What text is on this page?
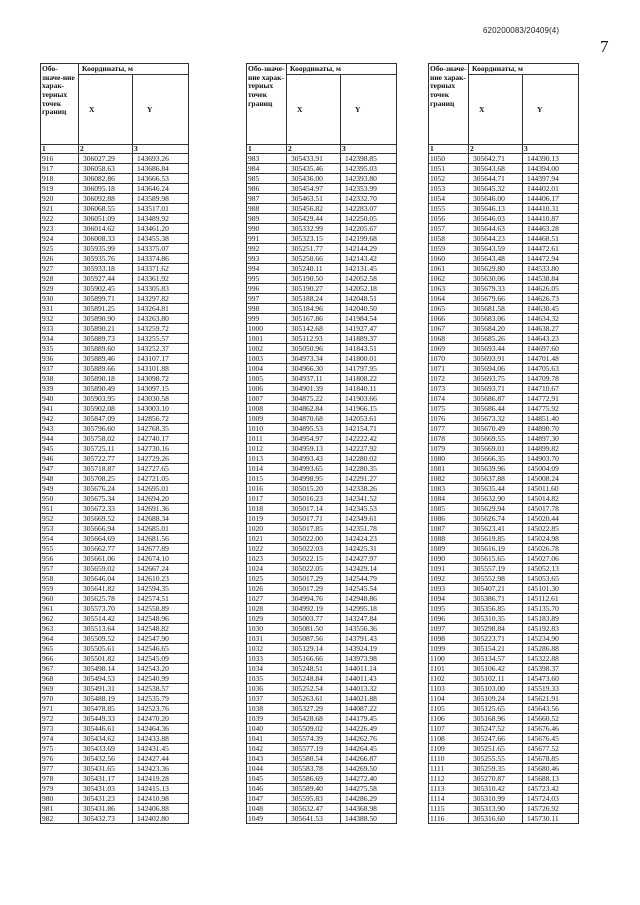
620200083/20409(4)
7
Обо-значе-ние харак-терных точек границ	Координаты, м	
	X	Y
1	2	3
916	306027.29	143693.26
917	306058.63	143686.84
918	306082.86	143666.53
919	306095.18	143646.24
920	306092.88	143589.98
921	306068.55	143517.01
922	306051.09	143489.92
923	306014.62	143461.20
924	306008.33	143455.38
925	305935.99	143375.07
926	305935.76	143374.86
927	305933.18	143371.62
928	305927.44	143361.92
929	305902.45	143305.83
930	305899.71	143297.82
931	305891.25	143264.81
932	305890.90	143263.80
933	305890.21	143259.72
934	305889.73	143255.57
935	305889.60	143252.37
936	305889.46	143107.17
937	305889.66	143101.88
938	305890.18	143098.72
939	305890.49	143097.15
940	305903.95	143030.58
941	305902.08	143003.10
942	305847.09	142856.72
943	305796.60	142768.35
944	305758.02	142740.17
945	305725.11	142730.16
946	305722.77	142729.26
947	305718.87	142727.65
948	305708.25	142721.05
949	305676.24	142695.01
950	305675.34	142694.20
951	305672.33	142691.36
952	305669.52	142688.34
953	305666.94	142685.01
954	305664.69	142681.56
955	305662.77	142677.89
956	305661.06	142674.10
957	305659.02	142667.24
958	305646.04	142610.23
959	305641.82	142594.35
960	305625.78	142574.51
961	305573.70	142558.89
962	305514.42	142548.96
963	305513.64	142548.82
964	305509.52	142547.90
965	305505.61	142546.65
966	305501.82	142545.09
967	305498.14	142543.20
968	305494.53	142540.99
969	305491.31	142538.57
970	305488.19	142535.79
971	305478.85	142523.76
972	305449.33	142470.20
973	305446.61	142464.36
974	305434.62	142433.88
975	305433.69	142431.45
976	305432.56	142427.44
977	305431.65	142423.36
978	305431.17	142419.28
979	305431.03	142415.13
980	305431.23	142410.98
981	305431.86	142406.88
982	305432.73	142402.80
Обо-значе-ние харак-терных точек границ	Координаты, м	
	X	Y
1	2	3
983	305433.91	142398.85
984	305435.46	142395.03
985	305436.00	142393.80
986	305454.97	142353.99
987	305463.51	142332.70
988	305456.82	142283.07
989	305429.44	142250.05
990	305332.99	142205.67
991	305323.15	142199.68
992	305251.77	142144.29
993	305250.66	142143.42
994	305240.11	142131.45
995	305190.50	142052.58
996	305190.27	142052.18
997	305188.24	142048.51
998	305184.96	142040.50
999	305167.86	141984.54
1000	305142.68	141927.47
1001	305112.93	141889.37
1002	305050.96	141843.51
1003	304973.34	141800.01
1004	304966.30	141797.95
1005	304937.11	141808.22
1006	304901.39	141840.11
1007	304875.22	141903.66
1008	304862.84	141966.15
1009	304870.68	142053.61
1010	304895.53	142154.71
1011	304954.97	142222.42
1012	304959.13	142227.92
1013	304993.43	142280.02
1014	304993.65	142280.35
1015	304998.95	142291.27
1016	305015.20	142338.26
1017	305016.23	142341.52
1018	305017.14	142345.53
1019	305017.71	142349.61
1020	305017.85	142351.78
1021	305022.00	142424.23
1022	305022.03	142425.31
1023	305022.15	142427.97
1024	305022.05	142429.14
1025	305017.29	142544.79
1026	305017.29	142545.54
1027	304994.76	142948.86
1028	304992.19	142995.18
1029	305003.77	143247.84
1030	305081.50	143556.36
1031	305087.56	143791.43
1032	305129.14	143924.19
1033	305166.66	143973.98
1034	305248.51	144011.14
1035	305248.84	144011.43
1036	305252.54	144013.32
1037	305263.61	144021.88
1038	305327.29	144087.22
1039	305428.68	144179.45
1040	305509.02	144226.49
1041	305574.39	144262.76
1042	305577.19	144264.45
1043	305580.54	144266.87
1044	305583.78	144269.50
1045	305586.69	144272.40
1046	305589.40	144275.58
1047	305595.83	144286.29
1048	305632.47	144368.98
1049	305641.53	144388.50
Обо-значе-ние харак-терных точек границ	Координаты, м	
	X	Y
1	2	3
1050	305642.71	144390.13
1051	305643.68	144394.00
1052	305644.71	144397.94
1053	305645.32	144402.01
1054	305646.00	144406.17
1055	305646.13	144410.31
1056	305646.03	144410.87
1057	305644.63	144463.28
1058	305644.23	144468.51
1059	305643.59	144472.61
1060	305643.48	144472.94
1061	305629.80	144533.80
1062	305630.06	144538.84
1063	305679.33	144626.05
1064	305679.66	144626.73
1065	305681.58	144630.45
1066	305683.06	144634.32
1067	305684.20	144638.27
1068	305685.26	144643.23
1069	305693.44	144697.60
1070	305693.91	144701.48
1071	305694.06	144705.63
1072	305693.75	144709.78
1073	305693.71	144710.67
1074	305686.87	144772.91
1075	305686.44	144775.92
1076	305673.32	144851.40
1077	305670.49	144890.70
1078	305669.55	144897.30
1079	305669.01	144899.82
1080	305666.35	144903.70
1081	305639.96	145004.09
1082	305637.88	145008.24
1083	305635.44	145011.60
1084	305632.90	145014.82
1085	305629.94	145017.78
1086	305626.74	145020.44
1087	305623.41	145022.85
1088	305619.85	145024.98
1089	305616.19	145026.78
1090	305615.65	145027.06
1091	305557.19	145052.13
1092	305552.98	145053.65
1093	305407.21	145101.30
1094	305386.71	145112.61
1095	305356.85	145135.70
1096	305310.35	145183.89
1097	305298.84	145192.83
1098	305223.71	145234.90
1099	305154.21	145286.88
1100	305134.57	145322.88
1101	305106.42	145398.37
1102	305102.11	145473.60
1103	305103.00	145519.33
1104	305109.24	145621.91
1105	305125.65	145643.56
1106	305168.96	145660.52
1107	305247.52	145676.46
1108	305247.66	145676.45
1109	305251.65	145677.52
1110	305255.55	145678.85
1111	305259.35	145680.46
1112	305270.87	145688.13
1113	305310.42	145723.42
1114	305310.99	145724.03
1115	305313.90	145726.92
1116	305316.60	145730.11
